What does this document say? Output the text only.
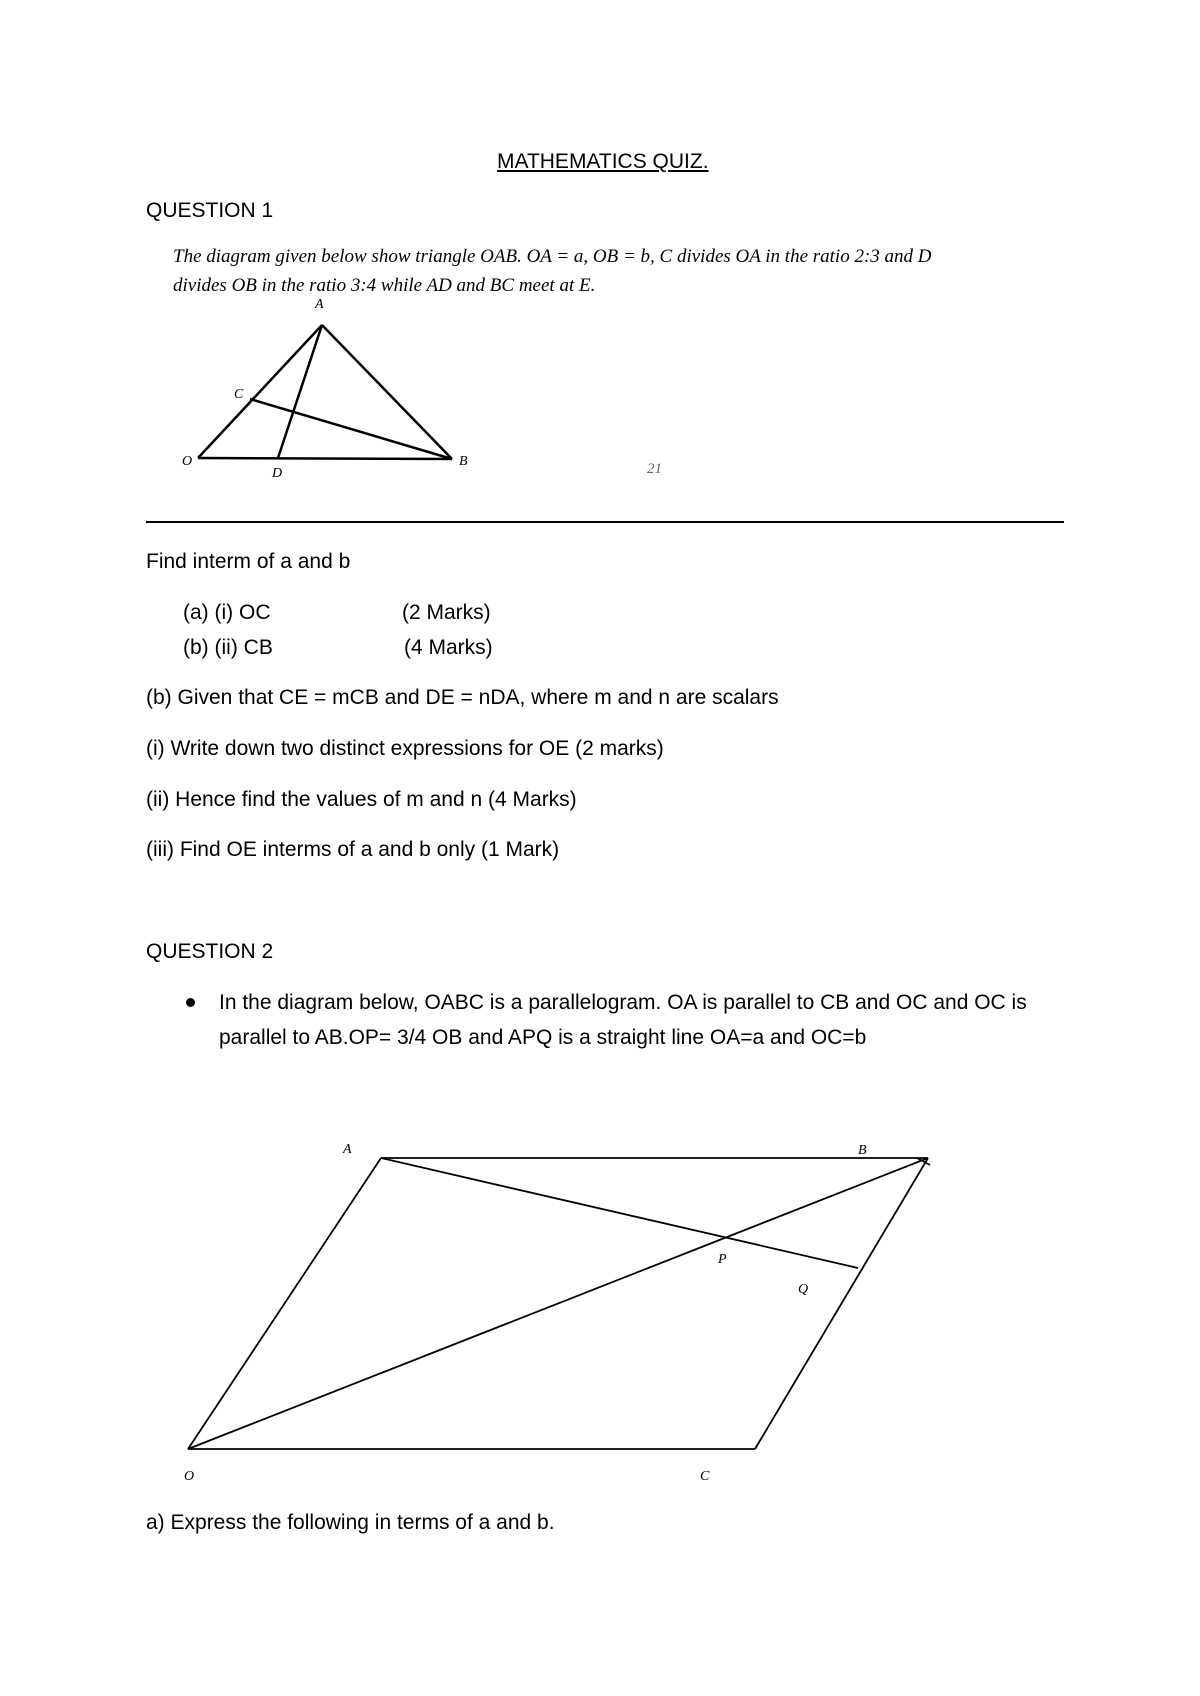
MATHEMATICS QUIZ.
QUESTION 1
The diagram given below show triangle OAB. OA = a, OB = b, C divides OA in the ratio 2:3 and D
divides OB in the ratio 3:4 while AD and BC meet at E.
A
C
O
D
B	21
A	B
P
Q
O	C
Find interm of a and b
(a) (i) OC	(2 Marks)
(b) (ii) CB	(4 Marks)
(b) Given that CE = mCB and DE = nDA, where m and n are scalars
(i) Write down two distinct expressions for OE (2 marks)
(ii) Hence find the values of m and n (4 Marks)
(iii) Find OE interms of a and b only (1 Mark)
QUESTION 2
In the diagram below, OABC is a parallelogram. OA is parallel to CB and OC and OC is
parallel to AB.OP= 3/4 OB and APQ is a straight line OA=a and OC=b
a) Express the following in terms of a and b.
